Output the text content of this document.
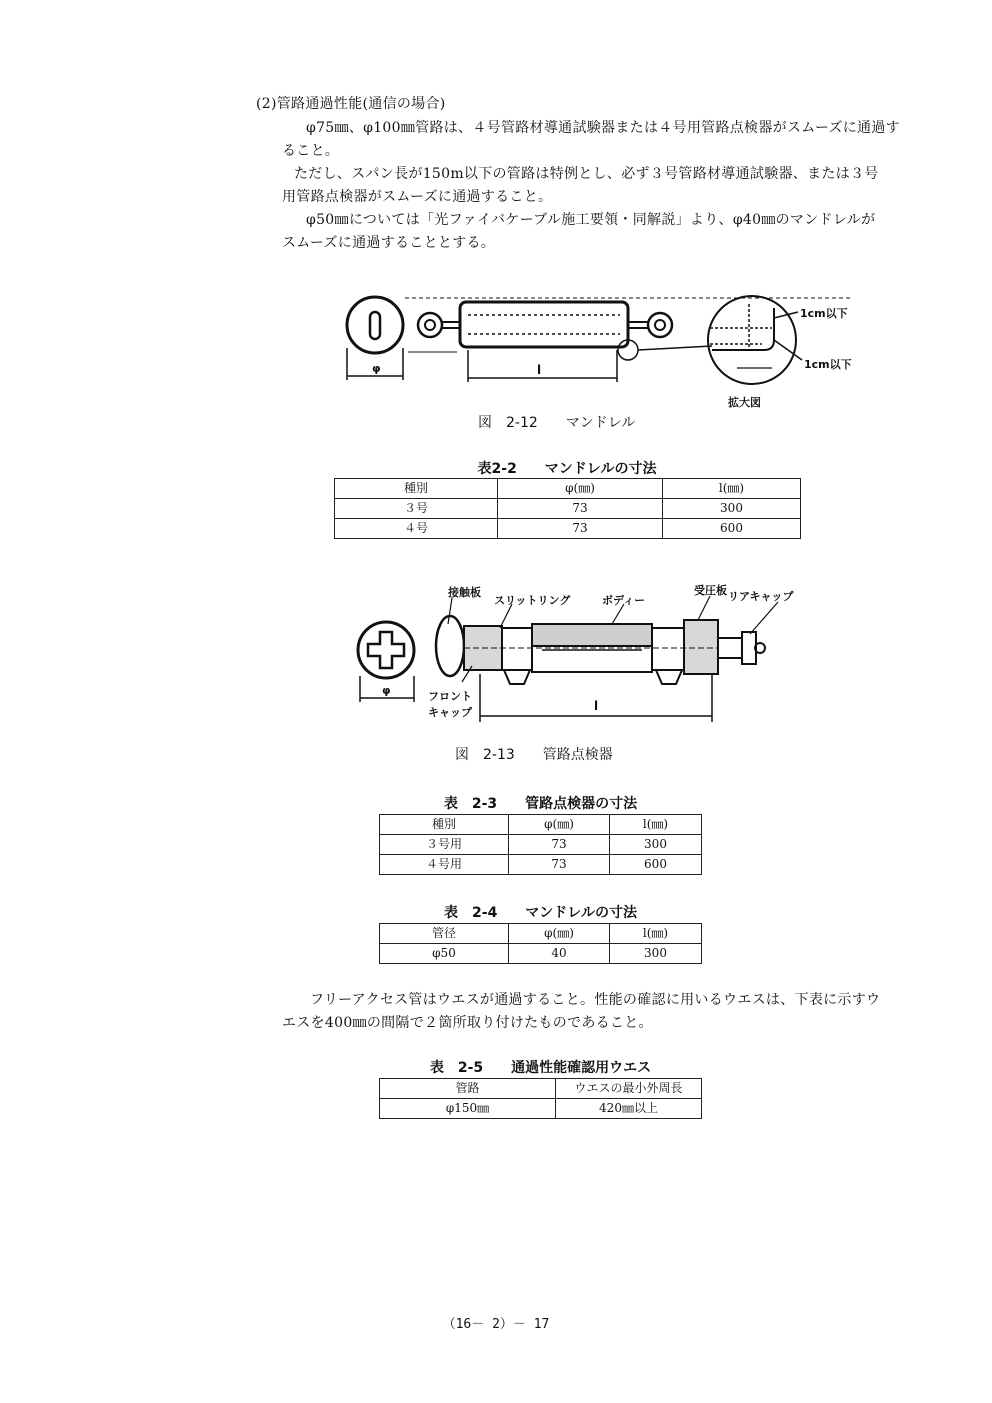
(2)管路通過性能(通信の場合)
φ75㎜、φ100㎜管路は、４号管路材導通試験器または４号用管路点検器がスムーズに通過す
ること。
ただし、スパン長が150m以下の管路は特例とし、必ず３号管路材導通試験器、または３号
用管路点検器がスムーズに通過すること。
φ50㎜については「光ファイバケーブル施工要領・同解説」より、φ40㎜のマンドレルが
スムーズに通過することとする。
φ	l
1cm以下
1cm以下
拡大図
図　2-12　　マンドレル
表2-2　　マンドレルの寸法
種別	φ(㎜)	l(㎜)
３号	73	300
４号	73	600
φ
l
接触板
スリットリング	ボディー
受圧板 リアキャップ
フロント
キャップ
図　2-13　　管路点検器
表　2-3　　管路点検器の寸法
種別	φ(㎜)	l(㎜)
３号用	73	300
４号用	73	600
表　2-4　　マンドレルの寸法
管径	φ(㎜)	l(㎜)
φ50	40	300
フリーアクセス管はウエスが通過すること。性能の確認に用いるウエスは、下表に示すウ
エスを400㎜の間隔で２箇所取り付けたものであること。
表　2-5　　通過性能確認用ウエス
管路	ウエスの最小外周長
φ150㎜	420㎜以上
（16－ 2）－ 17
